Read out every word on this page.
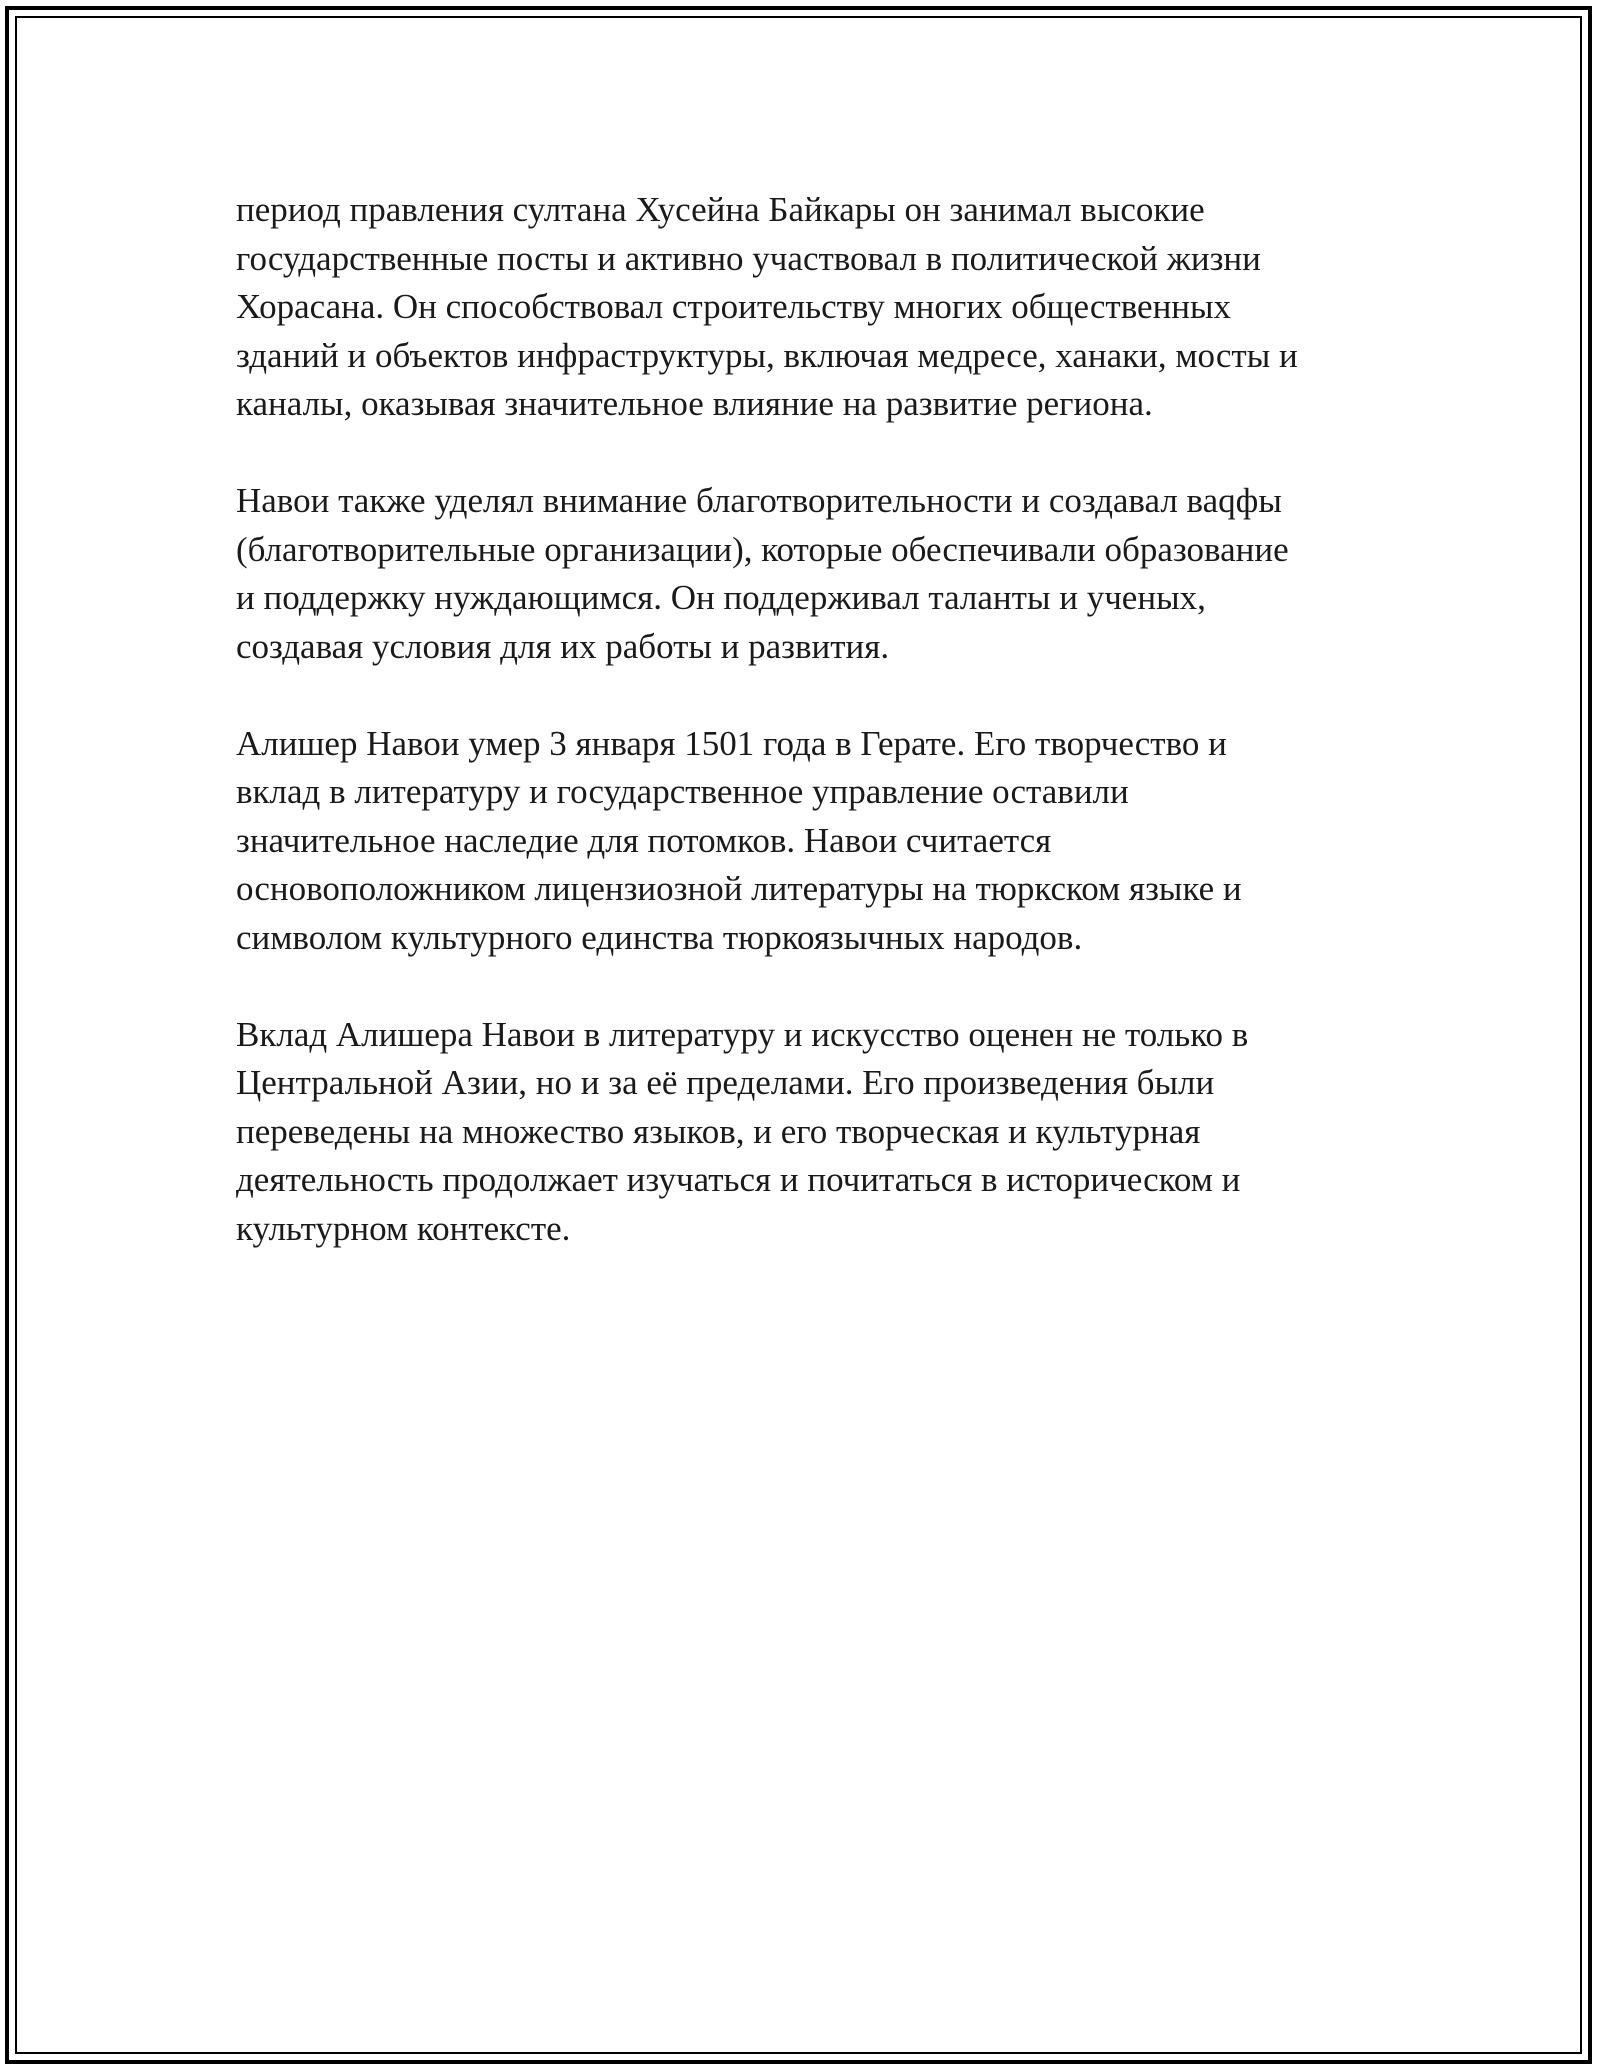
период правления султана Хусейна Байкары он занимал высокие
государственные посты и активно участвовал в политической жизни
Хорасана. Он способствовал строительству многих общественных
зданий и объектов инфраструктуры, включая медресе, ханаки, мосты и
каналы, оказывая значительное влияние на развитие региона.

Навои также уделял внимание благотворительности и создавал ваqфы
(благотворительные организации), которые обеспечивали образование
и поддержку нуждающимся. Он поддерживал таланты и ученых,
создавая условия для их работы и развития.

Алишер Навои умер 3 января 1501 года в Герате. Его творчество и
вклад в литературу и государственное управление оставили
значительное наследие для потомков. Навои считается
основоположником лицензиозной литературы на тюркском языке и
символом культурного единства тюркоязычных народов.

Вклад Алишера Навои в литературу и искусство оценен не только в
Центральной Азии, но и за её пределами. Его произведения были
переведены на множество языков, и его творческая и культурная
деятельность продолжает изучаться и почитаться в историческом и
культурном контексте.
